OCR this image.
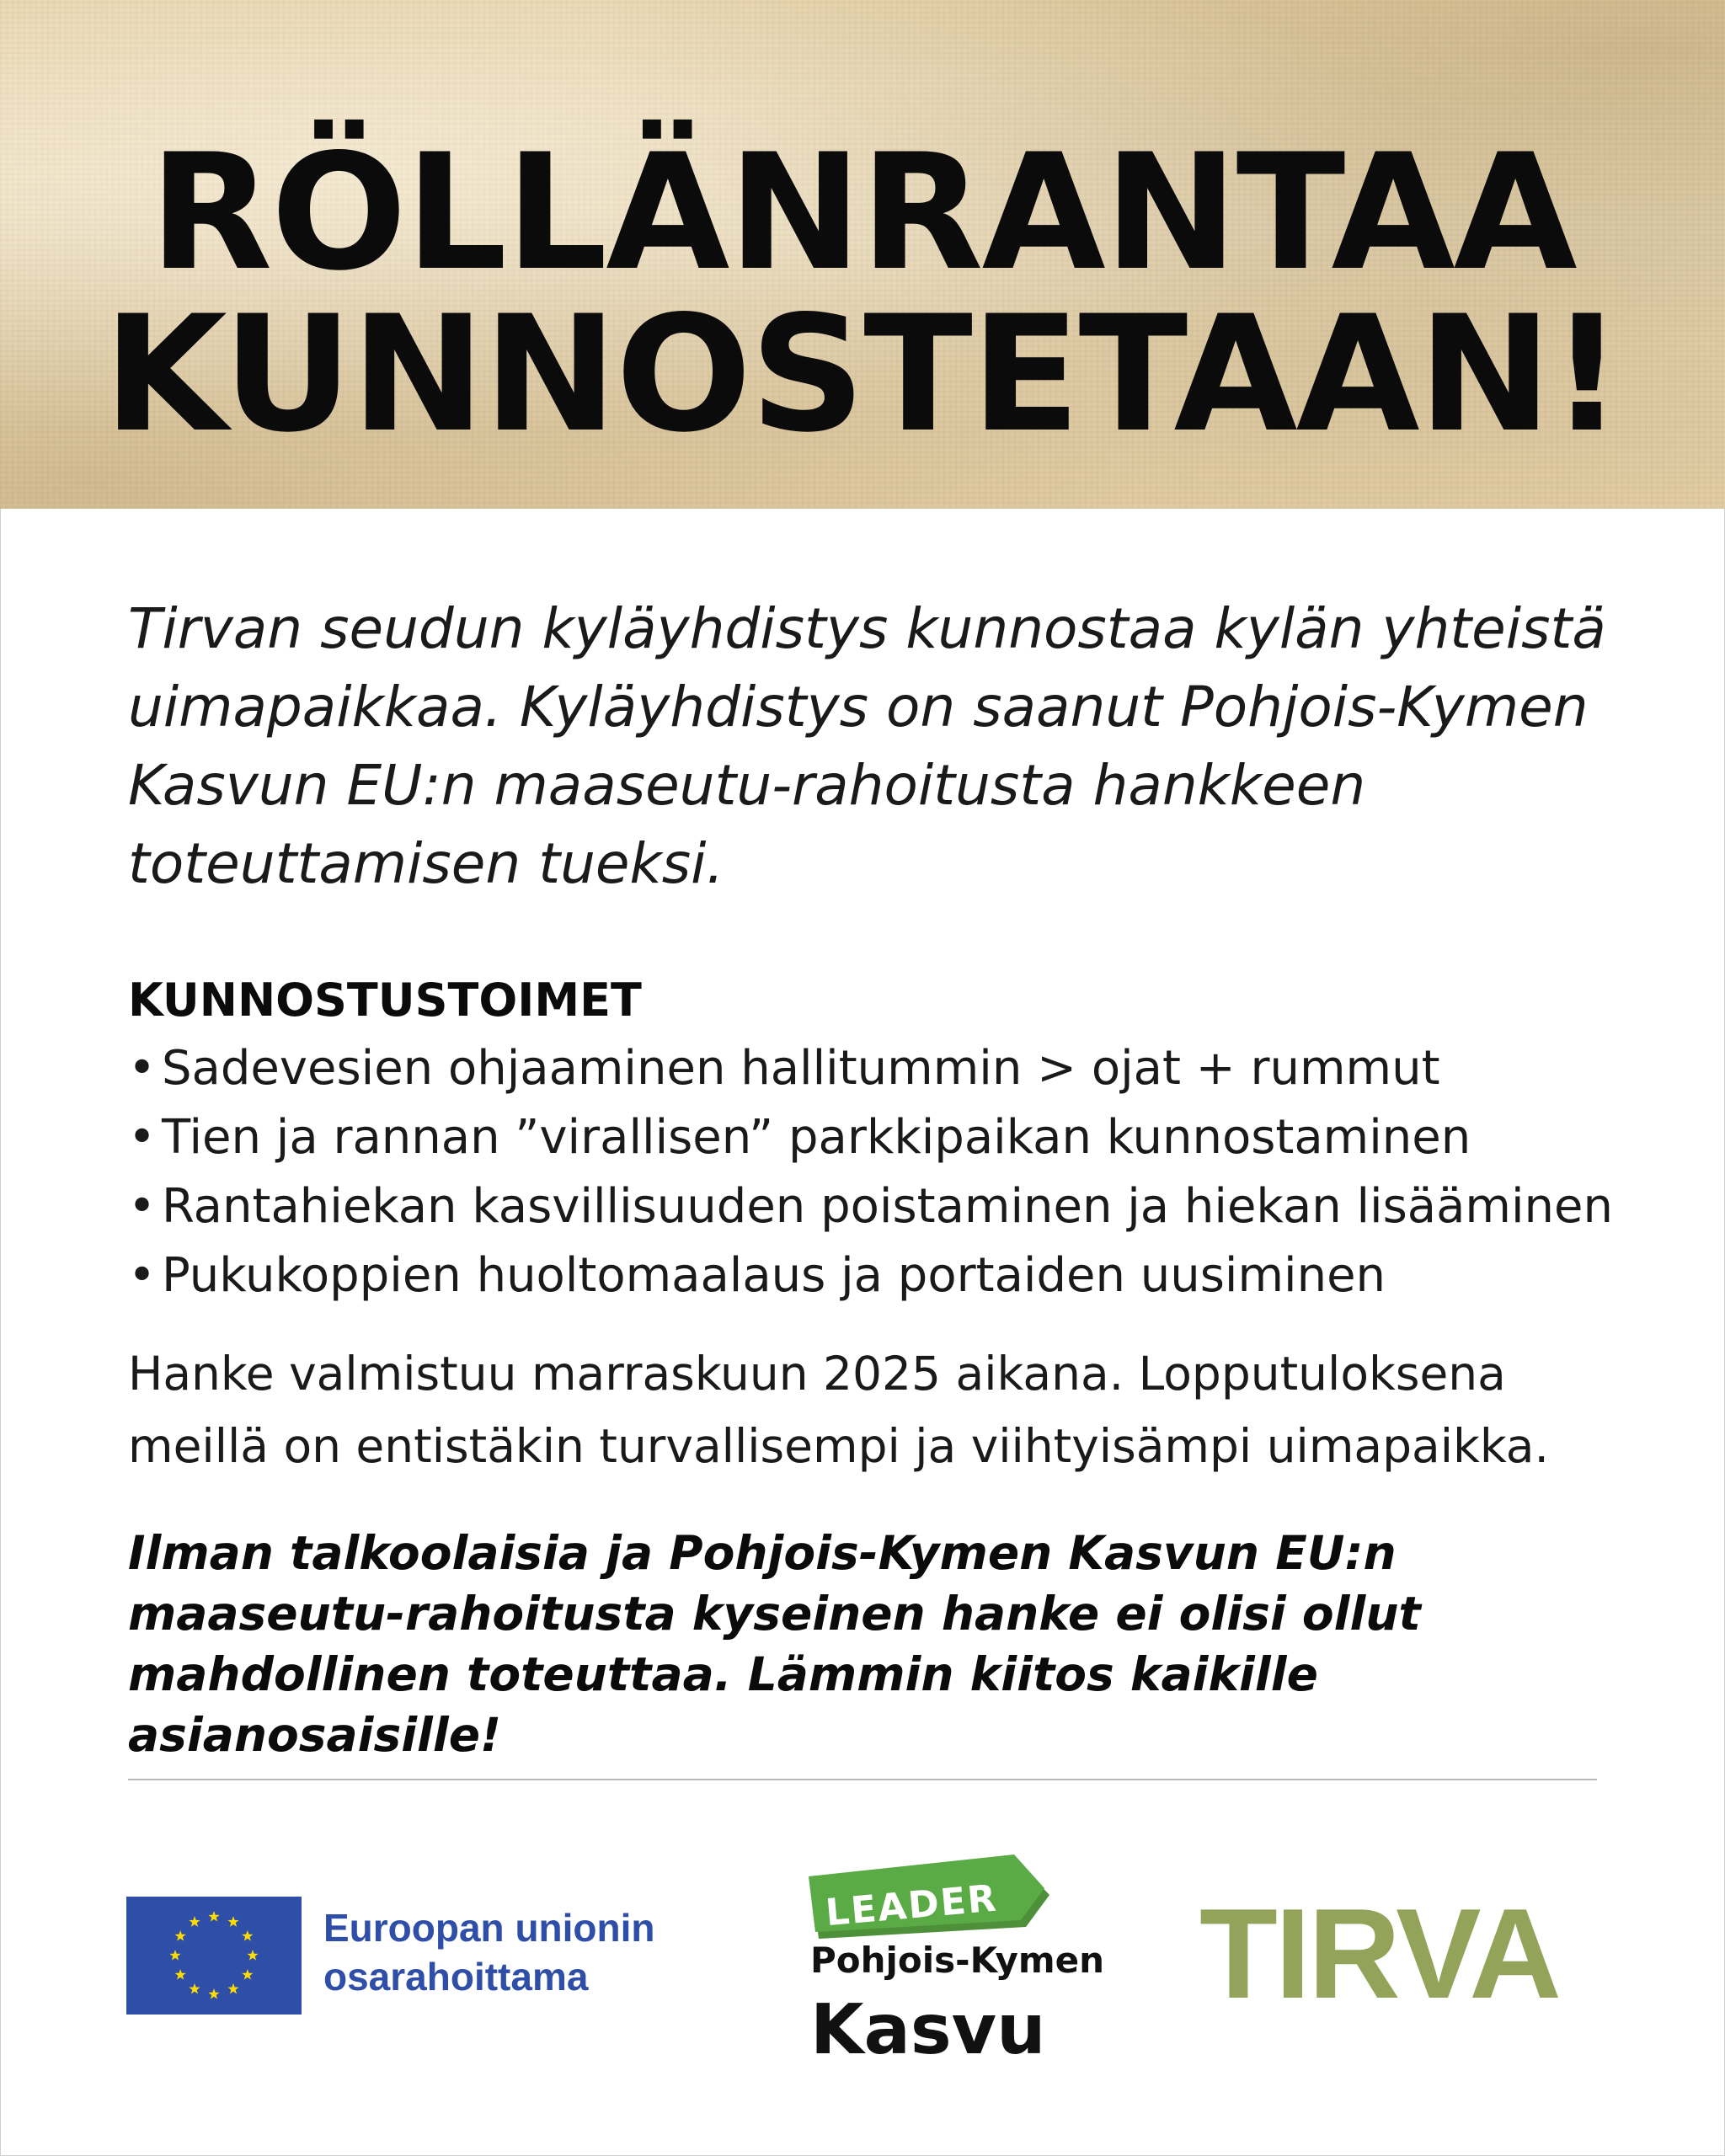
RÖLLÄNRANTAA
KUNNOSTETAAN!

Tirvan seudun kyläyhdistys kunnostaa kylän yhteistä uimapaikkaa. Kyläyhdistys on saanut Pohjois-Kymen Kasvun EU:n maaseutu-rahoitusta hankkeen toteuttamisen tueksi.

KUNNOSTUSTOIMET
• Sadevesien ohjaaminen hallitummin > ojat + rummut
• Tien ja rannan ”virallisen” parkkipaikan kunnostaminen
• Rantahiekan kasvillisuuden poistaminen ja hiekan lisääminen
• Pukukoppien huoltomaalaus ja portaiden uusiminen

Hanke valmistuu marraskuun 2025 aikana. Lopputuloksena meillä on entistäkin turvallisempi ja viihtyisämpi uimapaikka.

Ilman talkoolaisia ja Pohjois-Kymen Kasvun EU:n maaseutu-rahoitusta kyseinen hanke ei olisi ollut mahdollinen toteuttaa. Lämmin kiitos kaikille asianosaisille!

Euroopan unionin
osarahoittama
LEADER
Pohjois-Kymen
Kasvu
TIRVA
